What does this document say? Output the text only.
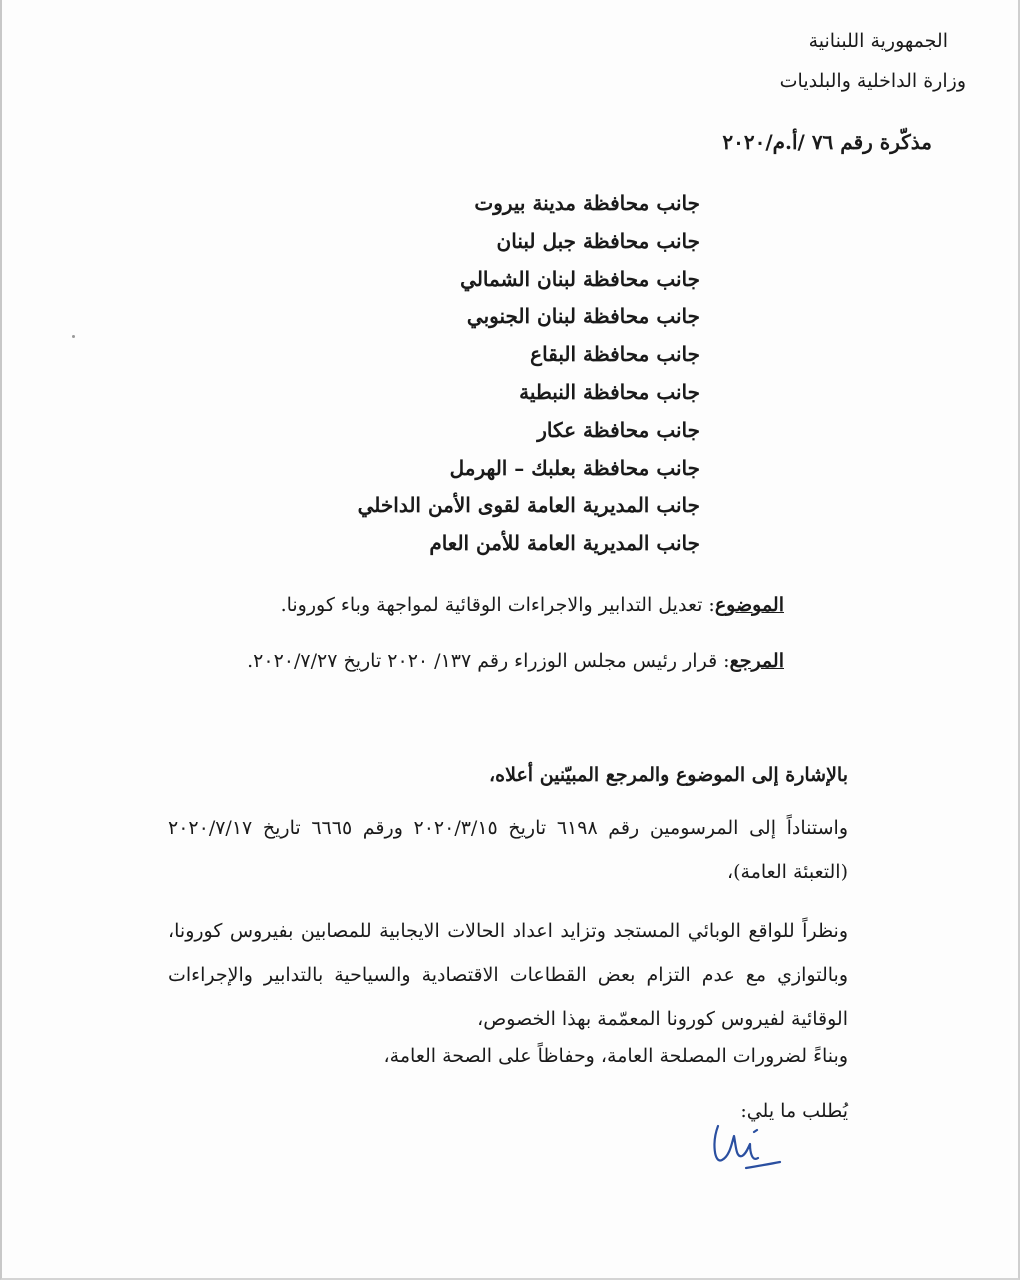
الجمهورية اللبنانية
وزارة الداخلية والبلديات
مذكّرة رقم ٧٦ /أ.م/٢٠٢٠
جانب محافظة مدينة بيروت
جانب محافظة جبل لبنان
جانب محافظة لبنان الشمالي
جانب محافظة لبنان الجنوبي
جانب محافظة البقاع
جانب محافظة النبطية
جانب محافظة عكار
جانب محافظة بعلبك – الهرمل
جانب المديرية العامة لقوى الأمن الداخلي
جانب المديرية العامة للأمن العام
الموضوع: تعديل التدابير والاجراءات الوقائية لمواجهة وباء كورونا.
المرجع: قرار رئيس مجلس الوزراء رقم ١٣٧/ ٢٠٢٠ تاريخ ٢٠٢٠/٧/٢٧.
بالإشارة إلى الموضوع والمرجع المبيّنين أعلاه،
واستناداً إلى المرسومين رقم ٦١٩٨ تاريخ ٢٠٢٠/٣/١٥ ورقم ٦٦٦٥ تاريخ ٢٠٢٠/٧/١٧ (التعبئة العامة)،
ونظراً للواقع الوبائي المستجد وتزايد اعداد الحالات الايجابية للمصابين بفيروس كورونا، وبالتوازي مع عدم التزام بعض القطاعات الاقتصادية والسياحية بالتدابير والإجراءات الوقائية لفيروس كورونا المعمّمة بهذا الخصوص،
وبناءً لضرورات المصلحة العامة، وحفاظاً على الصحة العامة،
يُطلب ما يلي:
